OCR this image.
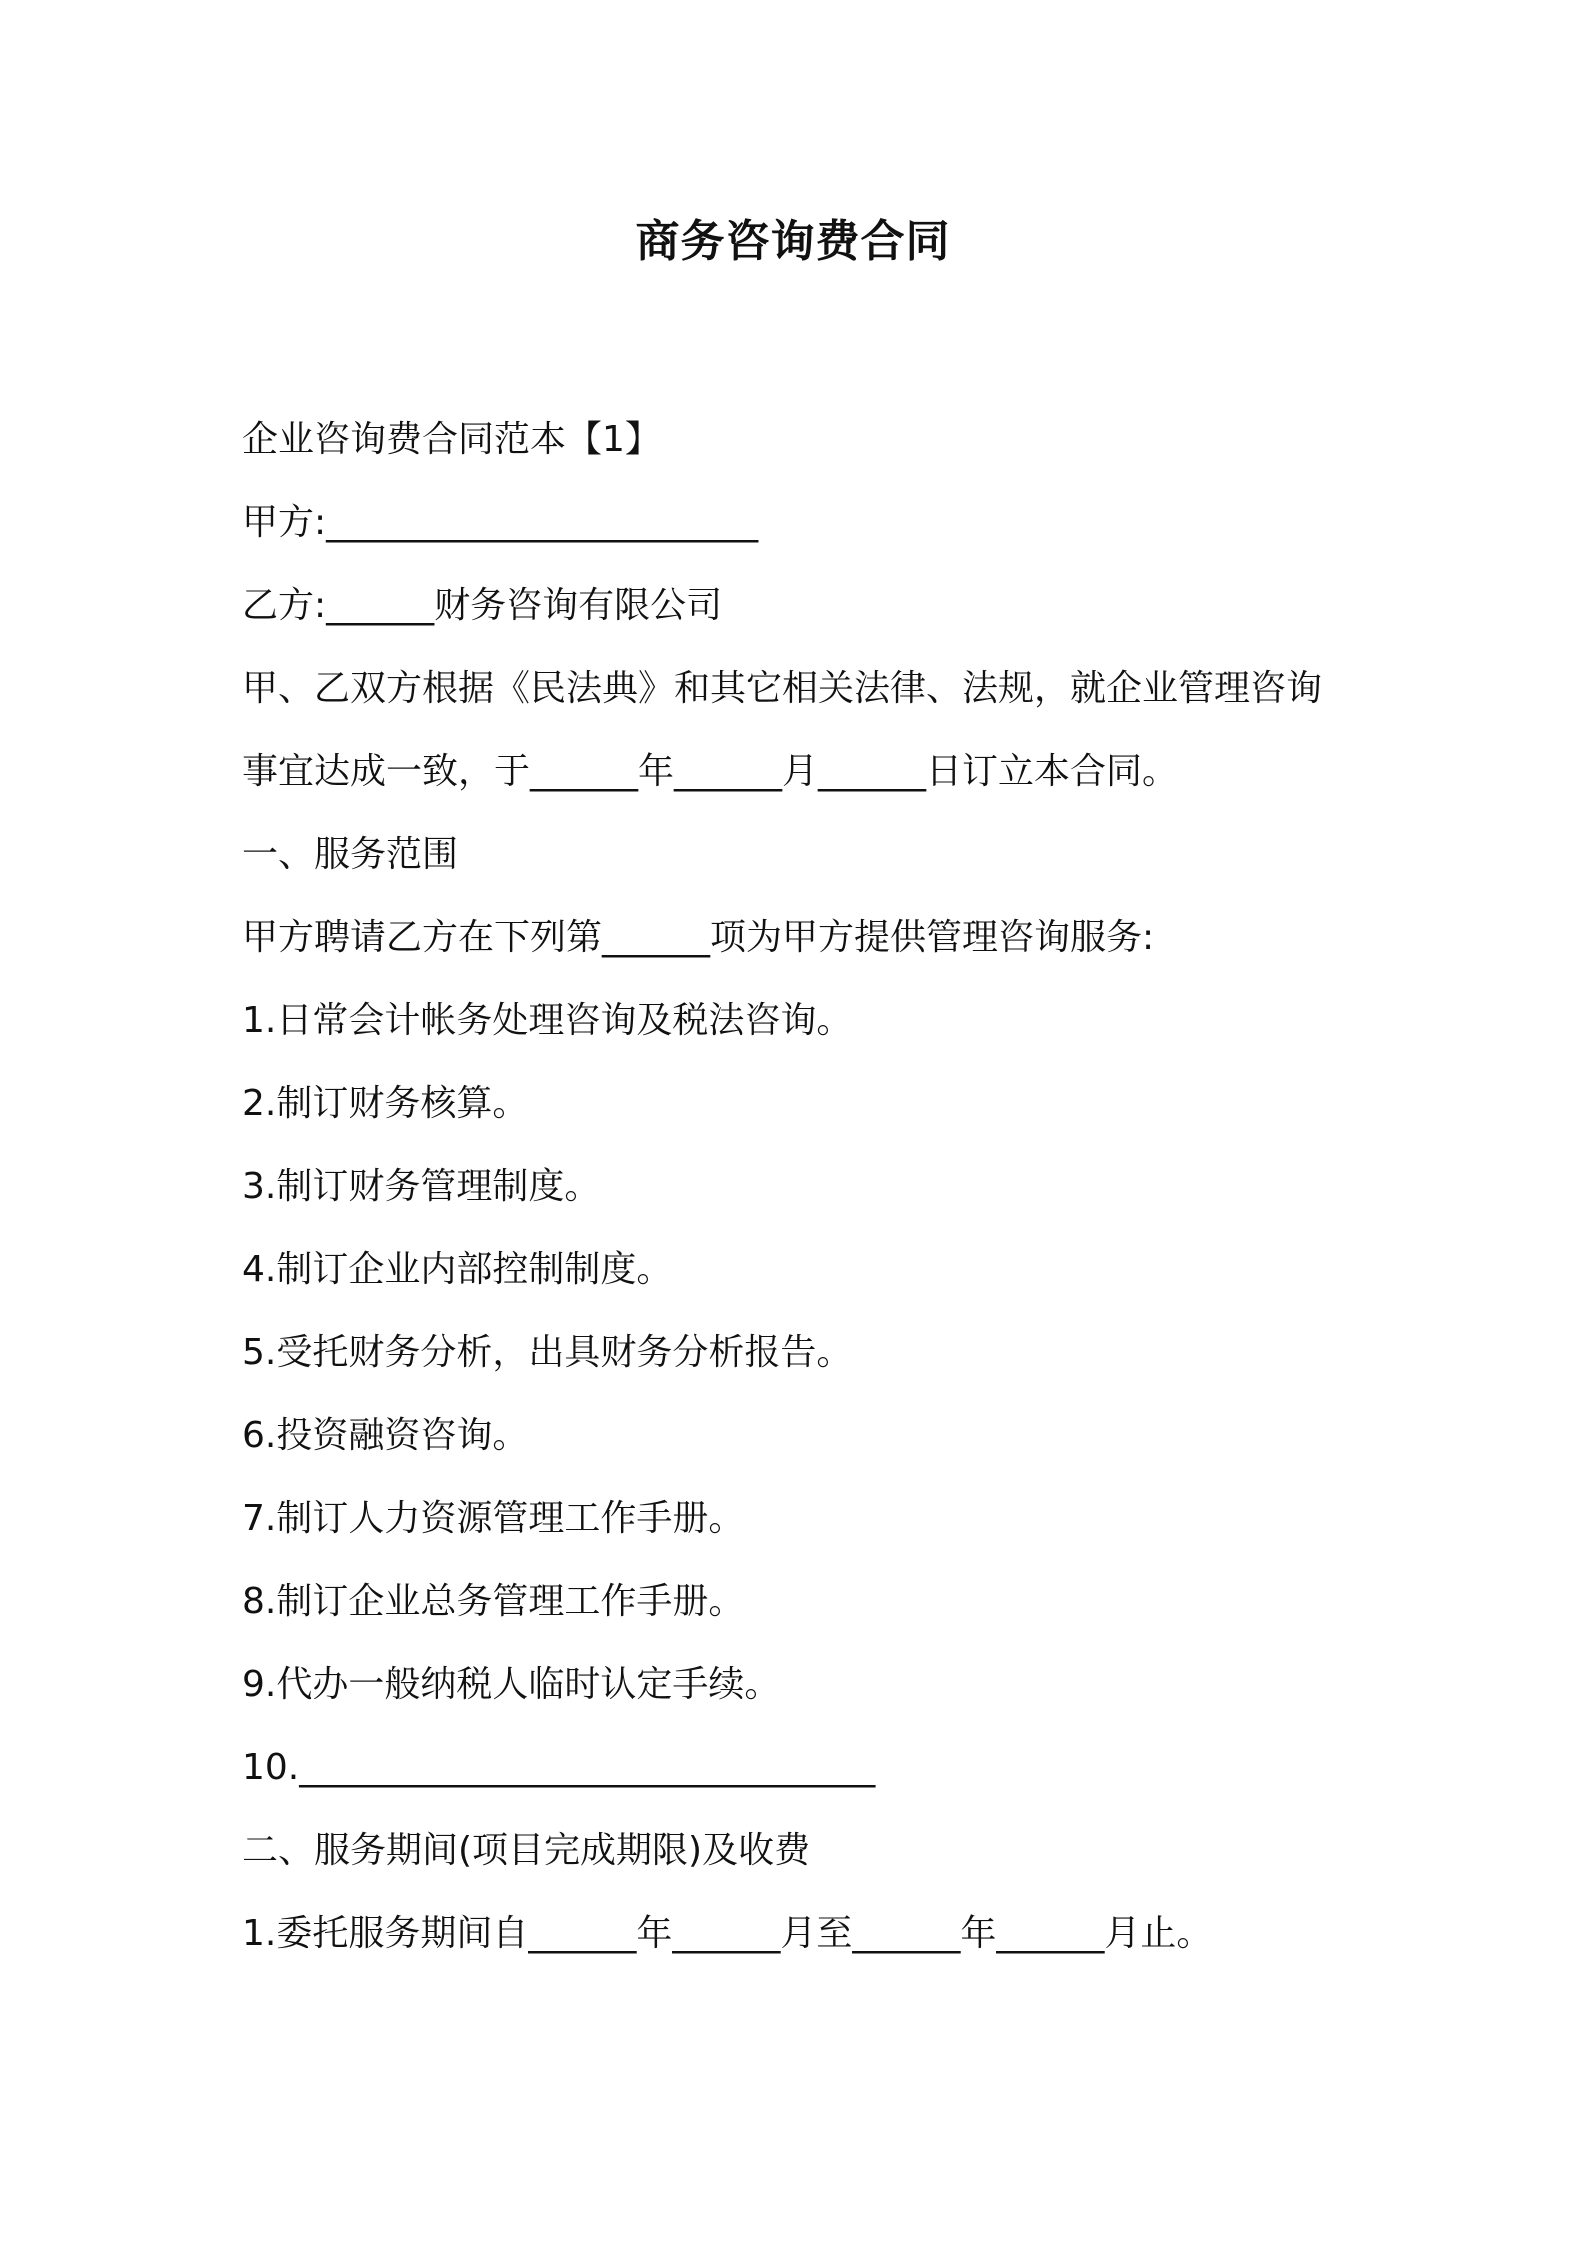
商务咨询费合同
企业咨询费合同范本【1】
甲方:________________________
乙方:______财务咨询有限公司
甲、乙双方根据《民法典》和其它相关法律、法规，就企业管理咨询
事宜达成一致，于______年______月______日订立本合同。
一、服务范围
甲方聘请乙方在下列第______项为甲方提供管理咨询服务:
1.日常会计帐务处理咨询及税法咨询。
2.制订财务核算。
3.制订财务管理制度。
4.制订企业内部控制制度。
5.受托财务分析，出具财务分析报告。
6.投资融资咨询。
7.制订人力资源管理工作手册。
8.制订企业总务管理工作手册。
9.代办一般纳税人临时认定手续。
10.________________________________
二、服务期间(项目完成期限)及收费
1.委托服务期间自______年______月至______年______月止。
